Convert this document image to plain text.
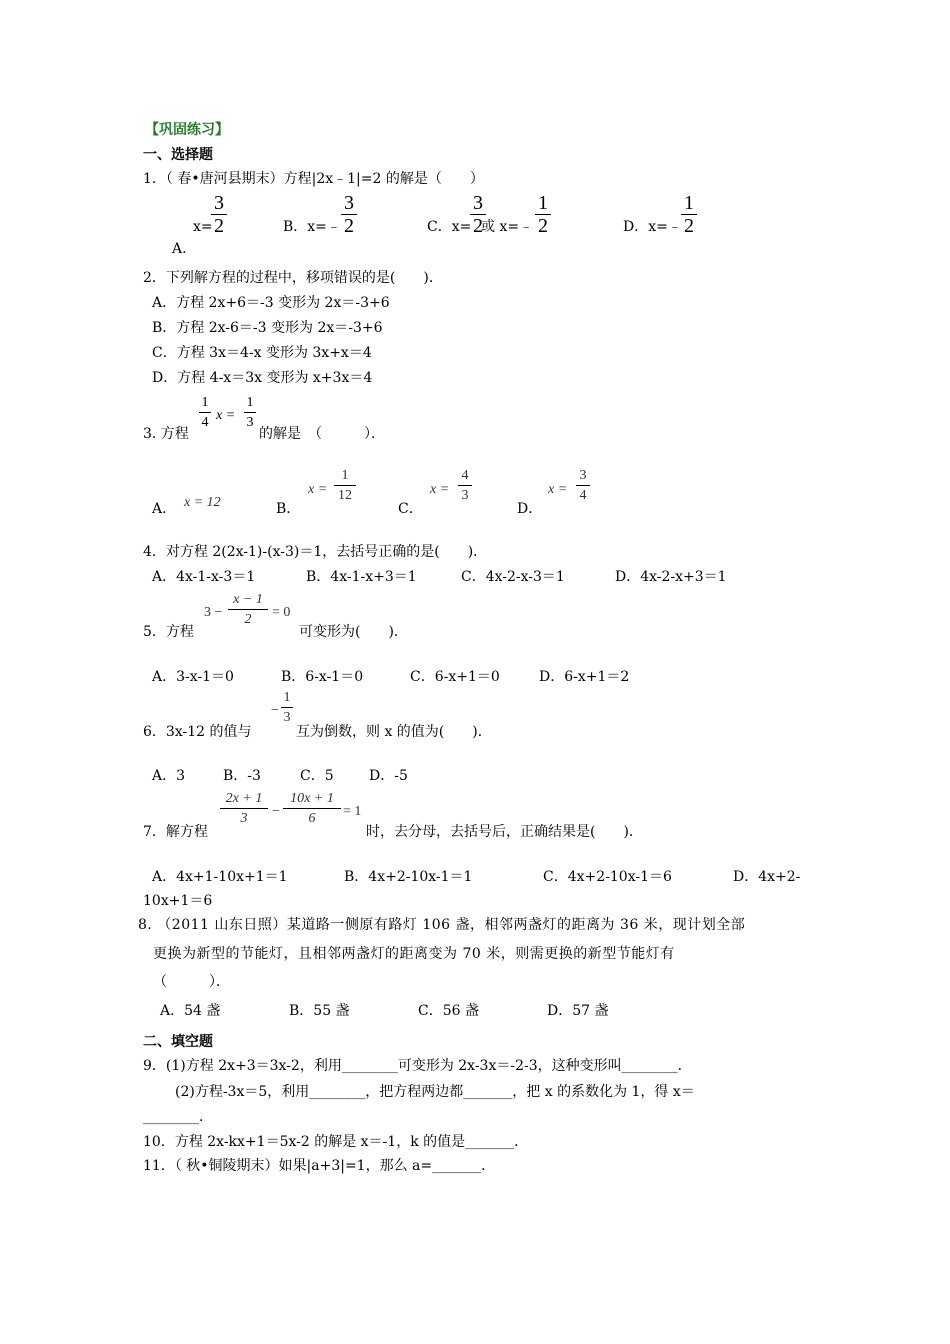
【巩固练习】
一、选择题
1．（ 春•唐河县期末）方程|2x﹣1|=2 的解是（　　）
x=
3
2
A.
B．x=﹣
3
2	C．x=
3
2
或 x=﹣
1
2	D．x=﹣
1
2
2．下列解方程的过程中，移项错误的是(　　)．
A．方程 2x+6＝-3 变形为 2x＝-3+6
B．方程 2x-6＝-3 变形为 2x＝-3+6
C．方程 3x＝4-x 变形为 3x+x＝4
D．方程 4-x＝3x 变形为 x+3x＝4
3. 方程
1
4 x =
1
3
的解是　（　　　）．
A． x = 12	B．
x =
1
12
C．
x =
4
3
D．
x =
3
4
4．对方程 2(2x-1)-(x-3)＝1，去括号正确的是(　　)．
A．4x-1-x-3＝1	B．4x-1-x+3＝1	C．4x-2-x-3＝1	D．4x-2-x+3＝1
5．方程
3 −
x − 1
2	= 0
可变形为(　　)．
A．3-x-1＝0	B．6-x-1＝0	C．6-x+1＝0	D．6-x+1＝2
6．3x-12 的值与
−
1
3
互为倒数，则 x 的值为(　　)．
A．3	B．-3	C．5	D．-5
7．解方程
2x + 1
3	−
10x + 1
6	= 1
时，去分母，去括号后，正确结果是(　　)．
A．4x+1-10x+1＝1	B．4x+2-10x-1＝1	C．4x+2-10x-1＝6	D．4x+2-
10x+1＝6
8. （2011 山东日照）某道路一侧原有路灯 106 盏，相邻两盏灯的距离为 36 米，现计划全部
更换为新型的节能灯，且相邻两盏灯的距离变为 70 米，则需更换的新型节能灯有
（　　　）．
A．54 盏	B．55 盏	C．56 盏	D．57 盏
二、填空题
9．(1)方程 2x+3＝3x-2，利用________可变形为 2x-3x＝-2-3，这种变形叫________．
(2)方程-3x＝5，利用________，把方程两边都_______，把 x 的系数化为 1，得 x＝
________．
10．方程 2x-kx+1＝5x-2 的解是 x＝-1，k 的值是_______．
11．（ 秋•铜陵期末）如果|a+3|=1，那么 a=_______．
